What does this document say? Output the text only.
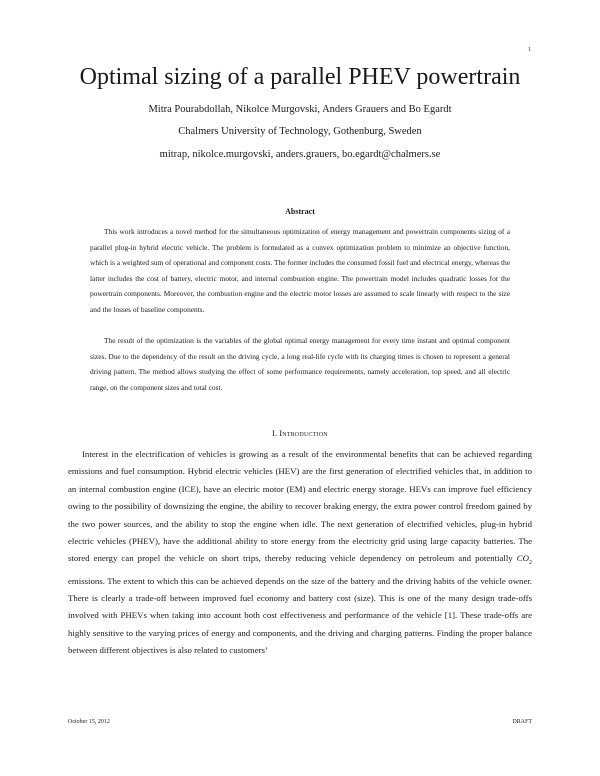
1
Optimal sizing of a parallel PHEV powertrain
Mitra Pourabdollah, Nikolce Murgovski, Anders Grauers and Bo Egardt
Chalmers University of Technology, Gothenburg, Sweden
mitrap, nikolce.murgovski, anders.grauers, bo.egardt@chalmers.se
Abstract

This work introduces a novel method for the simultaneous optimization of energy management and powertrain components sizing of a parallel plug-in hybrid electric vehicle. The problem is formulated as a convex optimization problem to minimize an objective function, which is a weighted sum of operational and component costs. The former includes the consumed fossil fuel and electrical energy, whereas the latter includes the cost of battery, electric motor, and internal combustion engine. The powertrain model includes quadratic losses for the powertrain components. Moreover, the combustion engine and the electric motor losses are assumed to scale linearly with respect to the size and the losses of baseline components.

The result of the optimization is the variables of the global optimal energy management for every time instant and optimal component sizes. Due to the dependency of the result on the driving cycle, a long real-life cycle with its charging times is chosen to represent a general driving pattern. The method allows studying the effect of some performance requirements, namely acceleration, top speed, and all electric range, on the component sizes and total cost.

I. Introduction

Interest in the electrification of vehicles is growing as a result of the environmental benefits that can be achieved regarding emissions and fuel consumption. Hybrid electric vehicles (HEV) are the first generation of electrified vehicles that, in addition to an internal combustion engine (ICE), have an electric motor (EM) and electric energy storage. HEVs can improve fuel efficiency owing to the possibility of downsizing the engine, the ability to recover braking energy, the extra power control freedom gained by the two power sources, and the ability to stop the engine when idle. The next generation of electrified vehicles, plug-in hybrid electric vehicles (PHEV), have the additional ability to store energy from the electricity grid using large capacity batteries. The stored energy can propel the vehicle on short trips, thereby reducing vehicle dependency on petroleum and potentially $CO_2$ emissions. The extent to which this can be achieved depends on the size of the battery and the driving habits of the vehicle owner. There is clearly a trade-off between improved fuel economy and battery cost (size). This is one of the many design trade-offs involved with PHEVs when taking into account both cost effectiveness and performance of the vehicle [1]. These trade-offs are highly sensitive to the varying prices of energy and components, and the driving and charging patterns. Finding the proper balance between different objectives is also related to customers’

October 15, 2012	DRAFT
